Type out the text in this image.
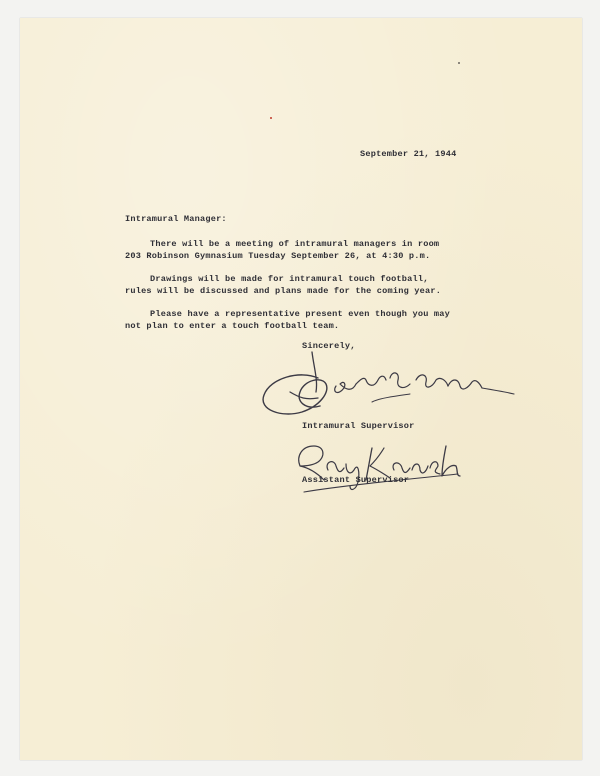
September 21, 1944

Intramural Manager:

There will be a meeting of intramural managers in room

203 Robinson Gymnasium Tuesday September 26, at 4:30 p.m.

Drawings will be made for intramural touch football,

rules will be discussed and plans made for the coming year.

Please have a representative present even though you may

not plan to enter a touch football team.

Sincerely,

Intramural Supervisor

Assistant Supervisor
